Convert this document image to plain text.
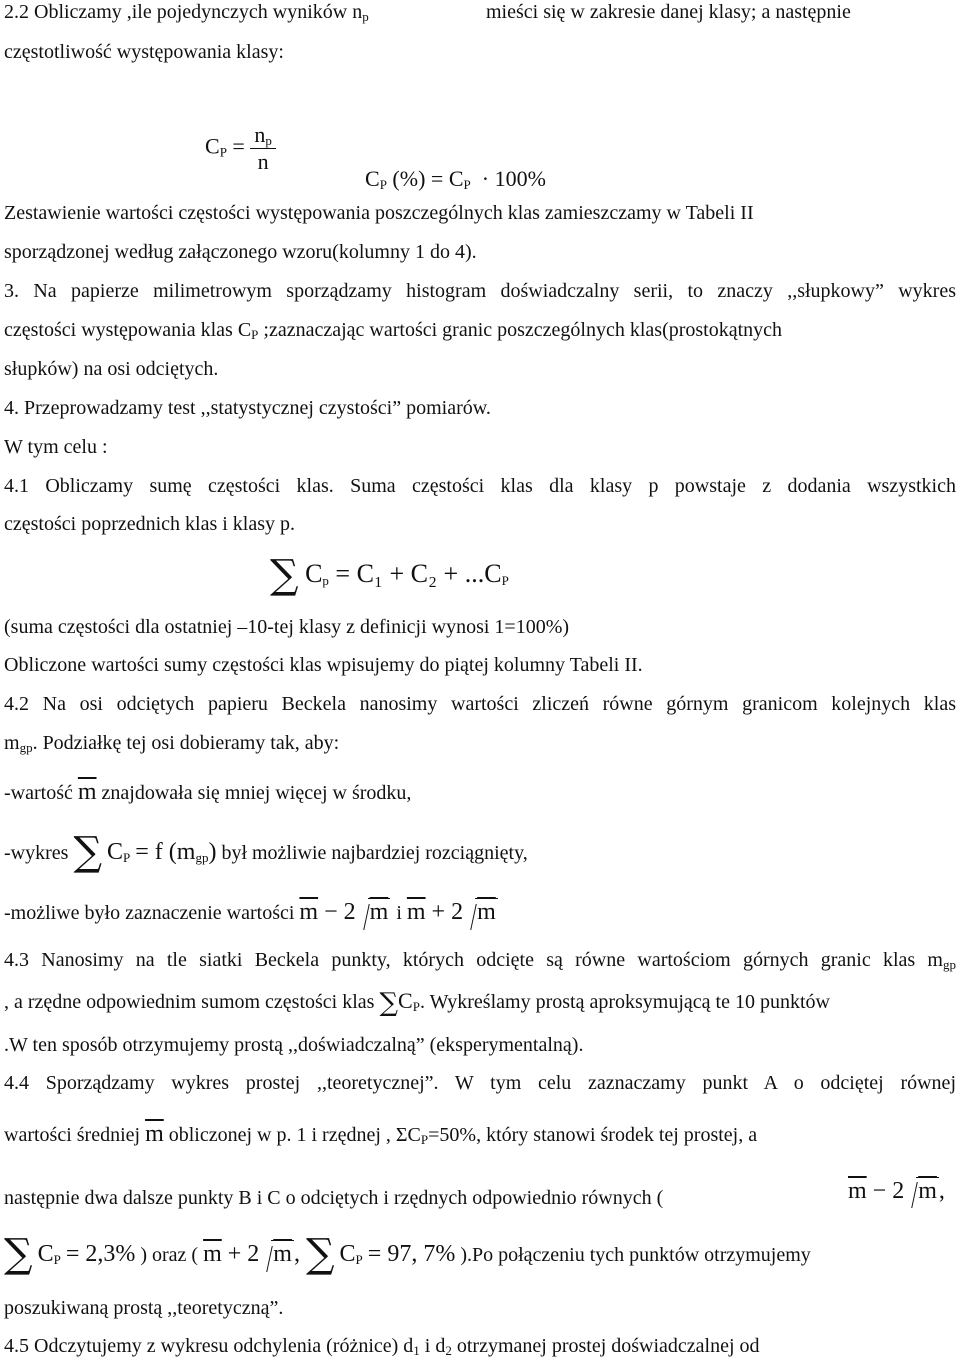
2.2 Obliczamy ,ile pojedynczych wyników $n_p$	mieści się w zakresie danej klasy; a następnie
częstotliwość występowania klasy:
$C_P = \frac{n_p}{n}$
$C_P$ (%) = $C_P \cdot 100\%$
Zestawienie wartości częstości występowania poszczególnych klas zamieszczamy w Tabeli II
sporządzonej według załączonego wzoru(kolumny 1 do 4).
3. Na papierze milimetrowym sporządzamy histogram doświadczalny serii, to znaczy ,,słupkowy” wykres
częstości występowania klas $C_P$ ;zaznaczając wartości granic poszczególnych klas(prostokątnych
słupków) na osi odciętych.
4. Przeprowadzamy test ,,statystycznej czystości” pomiarów.
W tym celu :
4.1 Obliczamy sumę częstości klas. Suma częstości klas dla klasy p powstaje z dodania wszystkich
częstości poprzednich klas i klasy p.
∑ $C_p = C_1 + C_2 + ...C_P$
(suma częstości dla ostatniej –10-tej klasy z definicji wynosi 1=100%)
Obliczone wartości sumy częstości klas wpisujemy do piątej kolumny Tabeli II.
4.2 Na osi odciętych papieru Beckela nanosimy wartości zliczeń równe górnym granicom kolejnych klas
$m_{gp}$. Podziałkę tej osi dobieramy tak, aby:
-wartość $\overline{m}$ znajdowała się mniej więcej w środku,
-wykres ∑ $C_P = f$ $(m_{gp})$ był możliwie najbardziej rozciągnięty,
-możliwe było zaznaczenie wartości $\overline{m} - 2$ $\overline{m}$ i $\overline{m} + 2$ $\overline{m}$
4.3 Nanosimy na tle siatki Beckela punkty, których odcięte są równe wartościom górnych granic klas $m_{gp}$
, a rzędne odpowiednim sumom częstości klas $\sum C_P$. Wykreślamy prostą aproksymującą te 10 punktów
.W ten sposób otrzymujemy prostą ,,doświadczalną” (eksperymentalną).
4.4 Sporządzamy wykres prostej ,,teoretycznej”. W tym celu zaznaczamy punkt A o odciętej równej
wartości średniej $\overline{m}$ obliczonej w p. 1 i rzędnej , $\Sigma C_P=50\%$, który stanowi środek tej prostej, a
następnie dwa dalsze punkty B i C o odciętych i rzędnych odpowiednio równych (	$\overline{m} - 2$ $\overline{m}$,
∑ $C_P = 2,3\%$ ) oraz ( $\overline{m} + 2$ $\overline{m}$, ∑ $C_P = 97$, 7% ).Po połączeniu tych punktów otrzymujemy
poszukiwaną prostą ,,teoretyczną”.
4.5 Odczytujemy z wykresu odchylenia (różnice) $d_1$ i $d_2$ otrzymanej prostej doświadczalnej od
